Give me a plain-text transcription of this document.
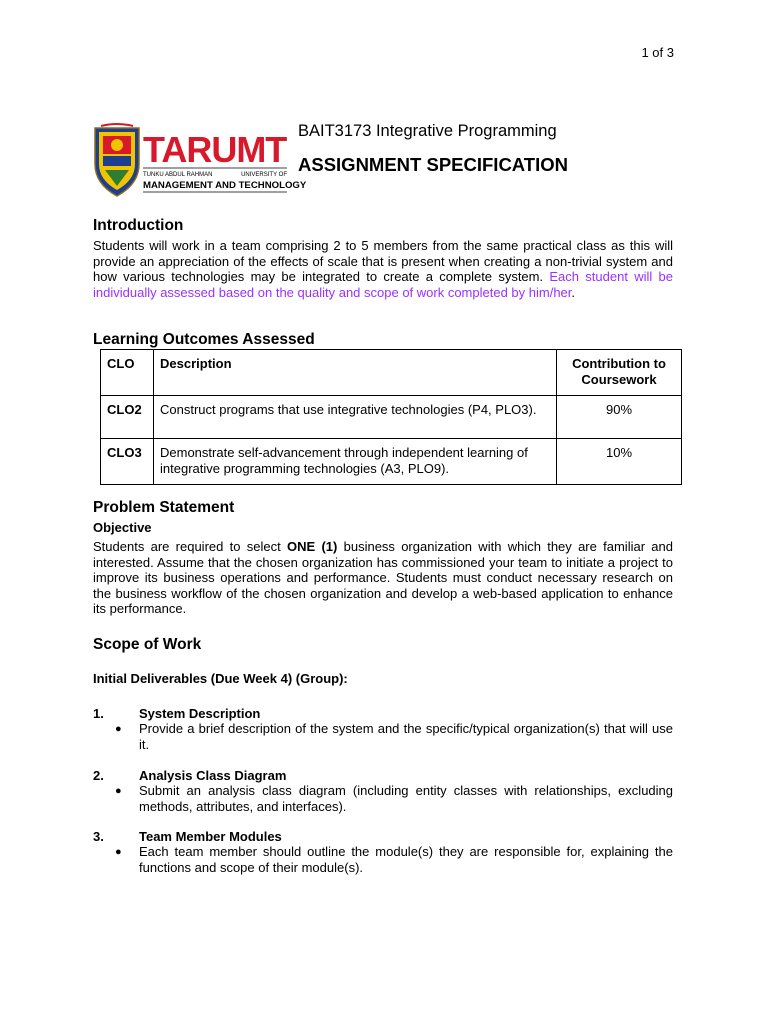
1 of 3
TARUMT
TUNKU ABDUL RAHMAN	UNIVERSITY OF
MANAGEMENT AND TECHNOLOGY
BAIT3173 Integrative Programming
ASSIGNMENT SPECIFICATION
Introduction

Students will work in a team comprising 2 to 5 members from the same practical class as this will provide an appreciation of the effects of scale that is present when creating a non-trivial system and how various technologies may be integrated to create a complete system. Each student will be individually assessed based on the quality and scope of work completed by him/her.

Learning Outcomes Assessed
CLO	Description	Contribution to Coursework
CLO2	Construct programs that use integrative technologies (P4, PLO3).	90%
CLO3	Demonstrate self-advancement through independent learning of integrative programming technologies (A3, PLO9).	10%
Problem Statement
Objective

Students are required to select ONE (1) business organization with which they are familiar and interested. Assume that the chosen organization has commissioned your team to initiate a project to improve its business operations and performance. Students must conduct necessary research on the business workflow of the chosen organization and develop a web-based application to enhance its performance.

Scope of Work
Initial Deliverables (Due Week 4) (Group):
1.	System Description
● Provide a brief description of the system and the specific/typical organization(s) that will use it.

2.	Analysis Class Diagram
● Submit an analysis class diagram (including entity classes with relationships, excluding methods, attributes, and interfaces).

3.	Team Member Modules
● Each team member should outline the module(s) they are responsible for, explaining the functions and scope of their module(s).
